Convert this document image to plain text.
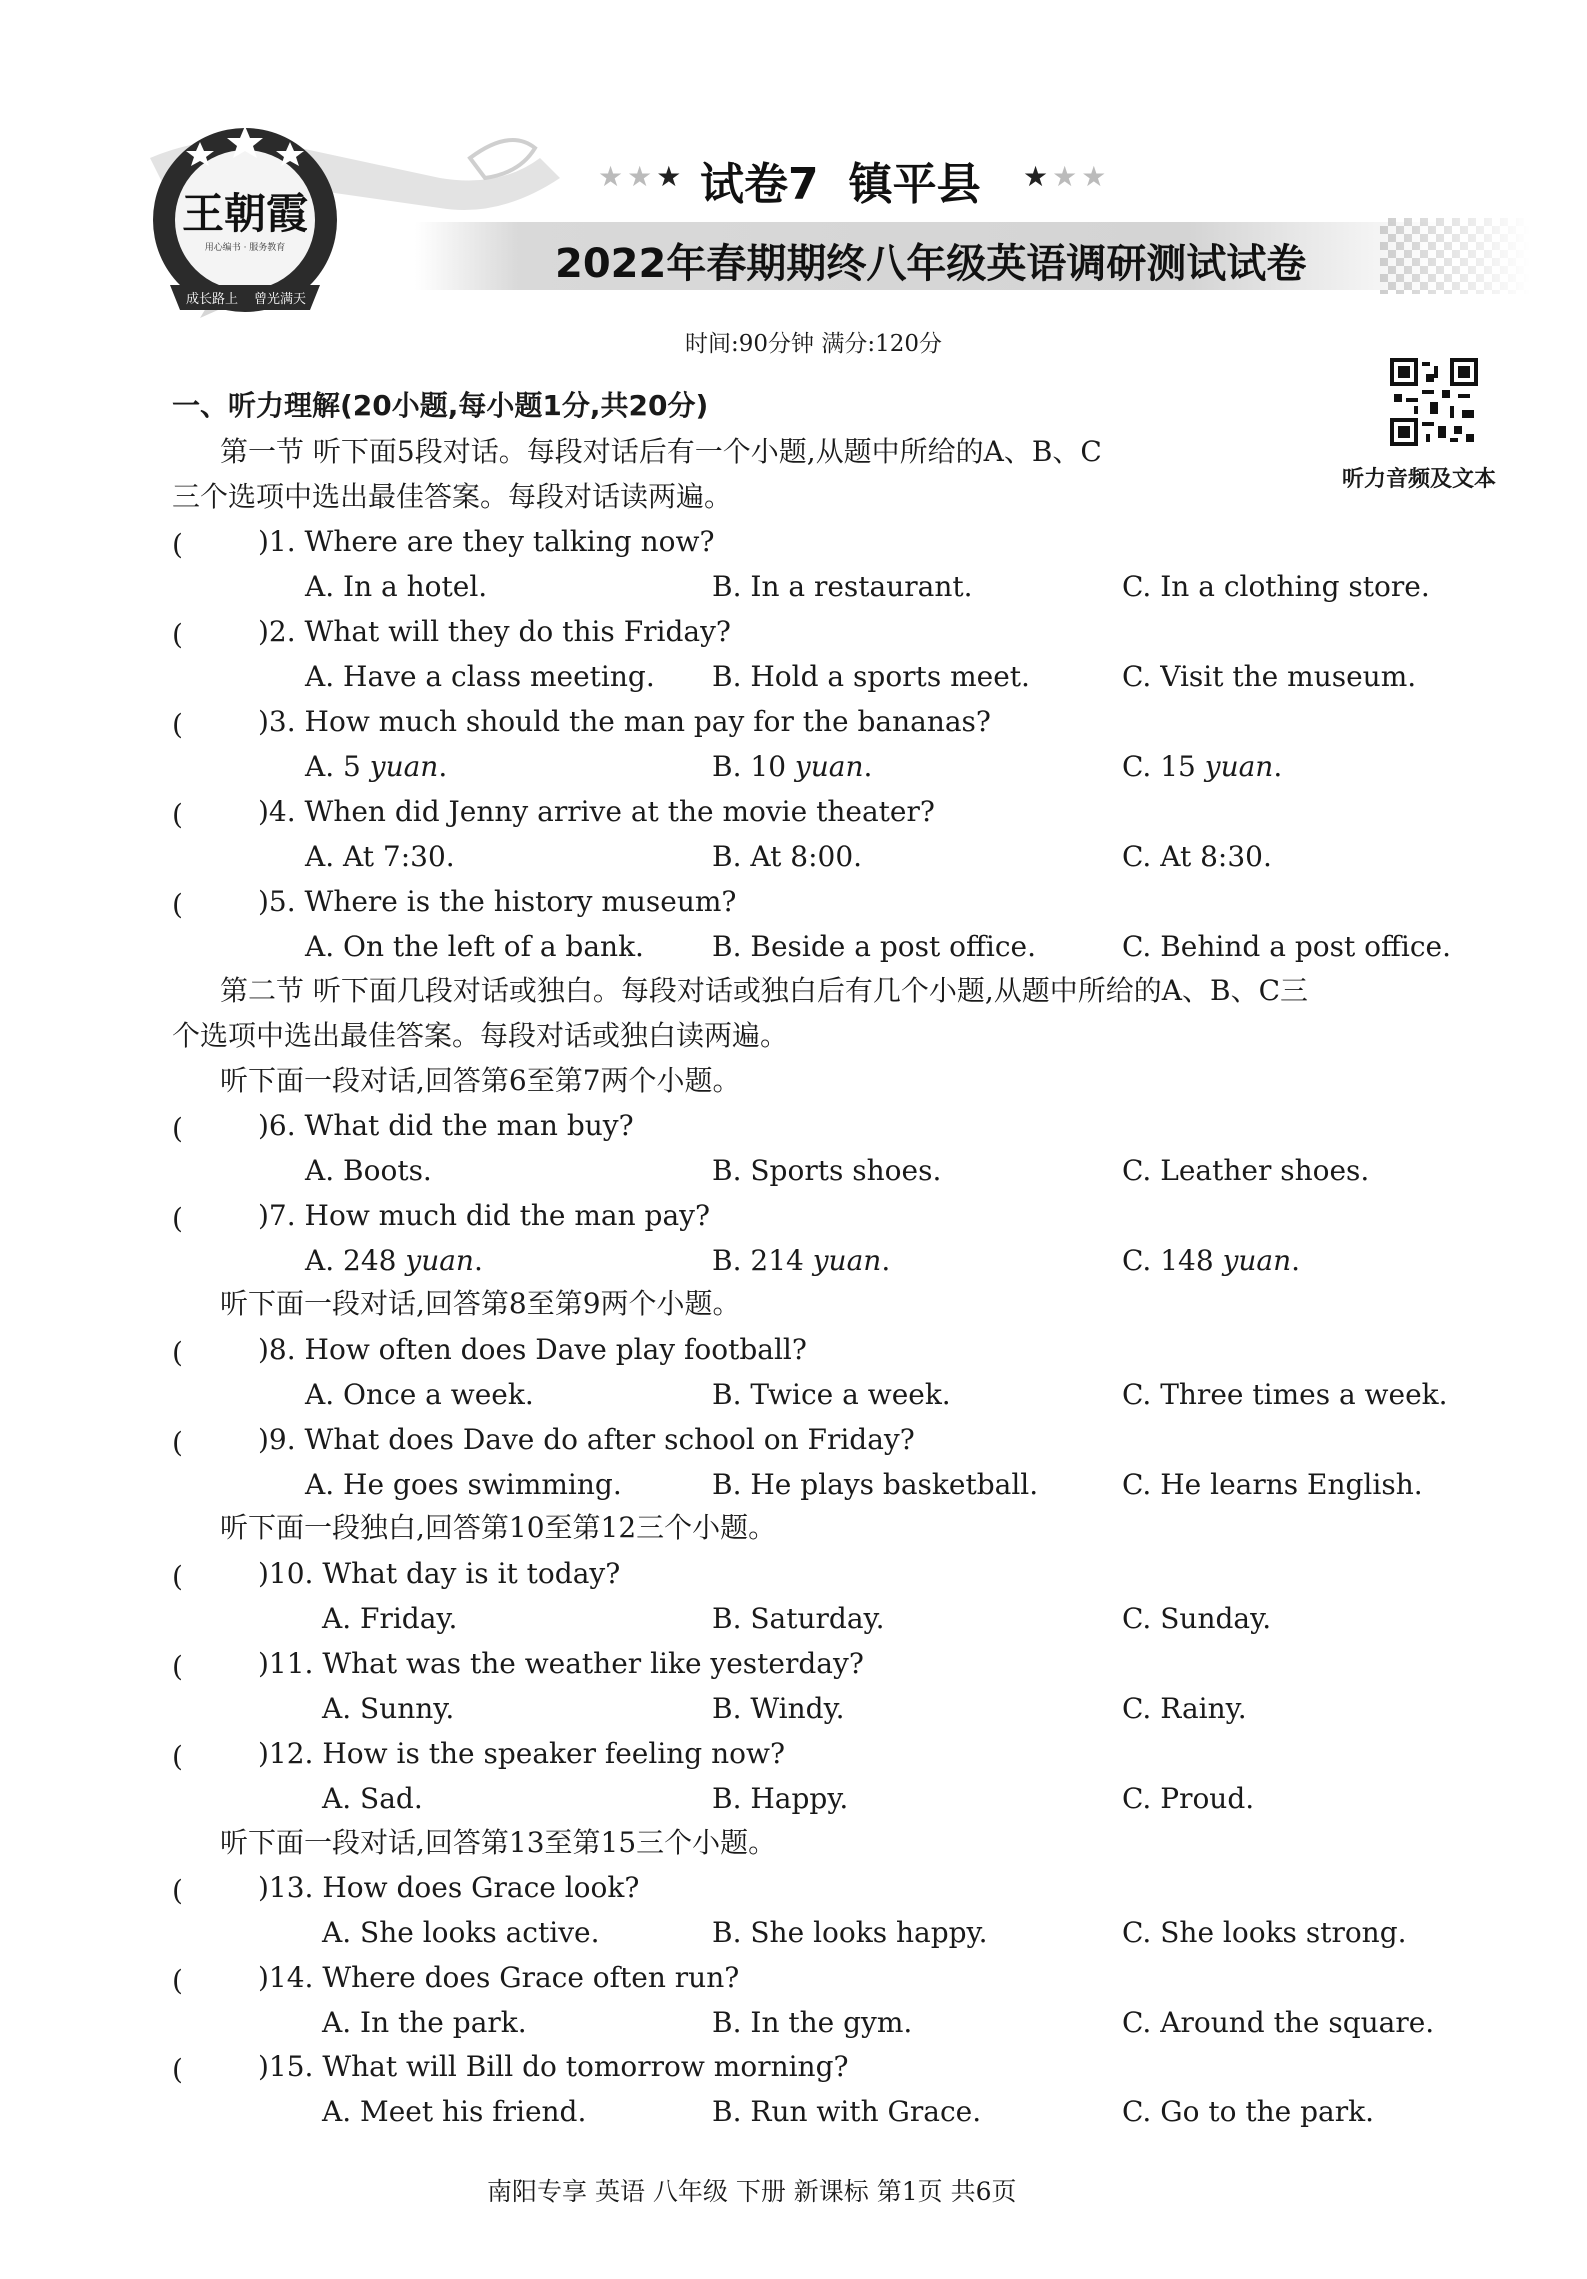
王朝霞
用心编书 · 服务教育
成长路上 曾光满天
★★★ 试卷7 镇平县 ★★★
2022年春期期终八年级英语调研测试试卷
时间:90分钟 满分:120分
听力音频及文本
一、听力理解(20小题,每小题1分,共20分)
第一节 听下面5段对话。每段对话后有一个小题,从题中所给的A、B、C
三个选项中选出最佳答案。每段对话读两遍。
第二节 听下面几段对话或独白。每段对话或独白后有几个小题,从题中所给的A、B、C三
个选项中选出最佳答案。每段对话或独白读两遍。
听下面一段对话,回答第6至第7两个小题。
听下面一段对话,回答第8至第9两个小题。
听下面一段独白,回答第10至第12三个小题。
听下面一段对话,回答第13至第15三个小题。
(	)1. Where are they talking now?
A. In a hotel.	B. In a restaurant.	C. In a clothing store.
(	)2. What will they do this Friday?
A. Have a class meeting. B. Hold a sports meet.	C. Visit the museum.
(	)3. How much should the man pay for the bananas?
A. 5 yuan.	B. 10 yuan.	C. 15 yuan.
(	)4. When did Jenny arrive at the movie theater?
A. At 7:30.	B. At 8:00.	C. At 8:30.
(	)5. Where is the history museum?
A. On the left of a bank. B. Beside a post office.	C. Behind a post office.
(	)6. What did the man buy?
A. Boots.	B. Sports shoes.	C. Leather shoes.
(	)7. How much did the man pay?
A. 248 yuan.	B. 214 yuan.	C. 148 yuan.
(	)8. How often does Dave play football?
A. Once a week.	B. Twice a week.	C. Three times a week.
(	)9. What does Dave do after school on Friday?
A. He goes swimming.	B. He plays basketball.	C. He learns English.
(	)10. What day is it today?
A. Friday.	B. Saturday.	C. Sunday.
(	)11. What was the weather like yesterday?
A. Sunny.	B. Windy.	C. Rainy.
(	)12. How is the speaker feeling now?
A. Sad.	B. Happy.	C. Proud.
(	)13. How does Grace look?
A. She looks active.	B. She looks happy.	C. She looks strong.
(	)14. Where does Grace often run?
A. In the park.	B. In the gym.	C. Around the square.
(	)15. What will Bill do tomorrow morning?
A. Meet his friend.	B. Run with Grace.	C. Go to the park.
南阳专享 英语 八年级 下册 新课标 第1页 共6页
